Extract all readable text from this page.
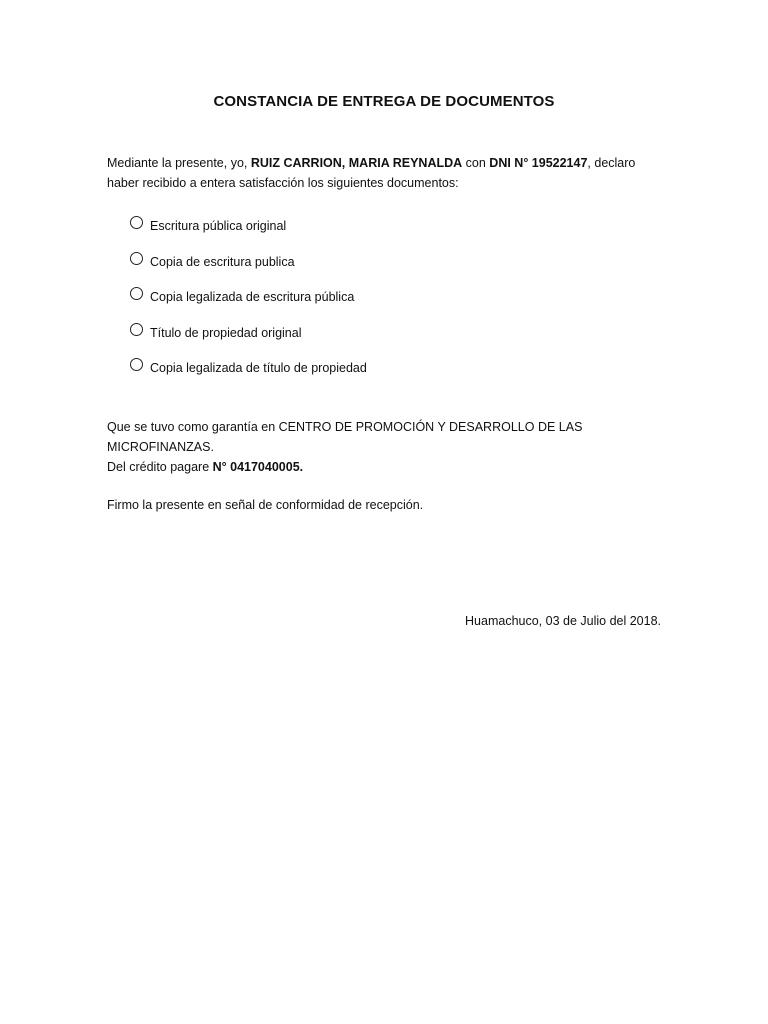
CONSTANCIA DE ENTREGA DE DOCUMENTOS
Mediante la presente, yo, RUIZ CARRION, MARIA REYNALDA con DNI N° 19522147, declaro haber recibido a entera satisfacción los siguientes documentos:
Escritura pública original
Copia de escritura publica
Copia legalizada de escritura pública
Título de propiedad original
Copia legalizada de título de propiedad
Que se tuvo como garantía en CENTRO DE PROMOCIÓN Y DESARROLLO DE LAS MICROFINANZAS.
Del crédito pagare N° 0417040005.
Firmo la presente en señal de conformidad de recepción.
Huamachuco, 03 de Julio del 2018.
